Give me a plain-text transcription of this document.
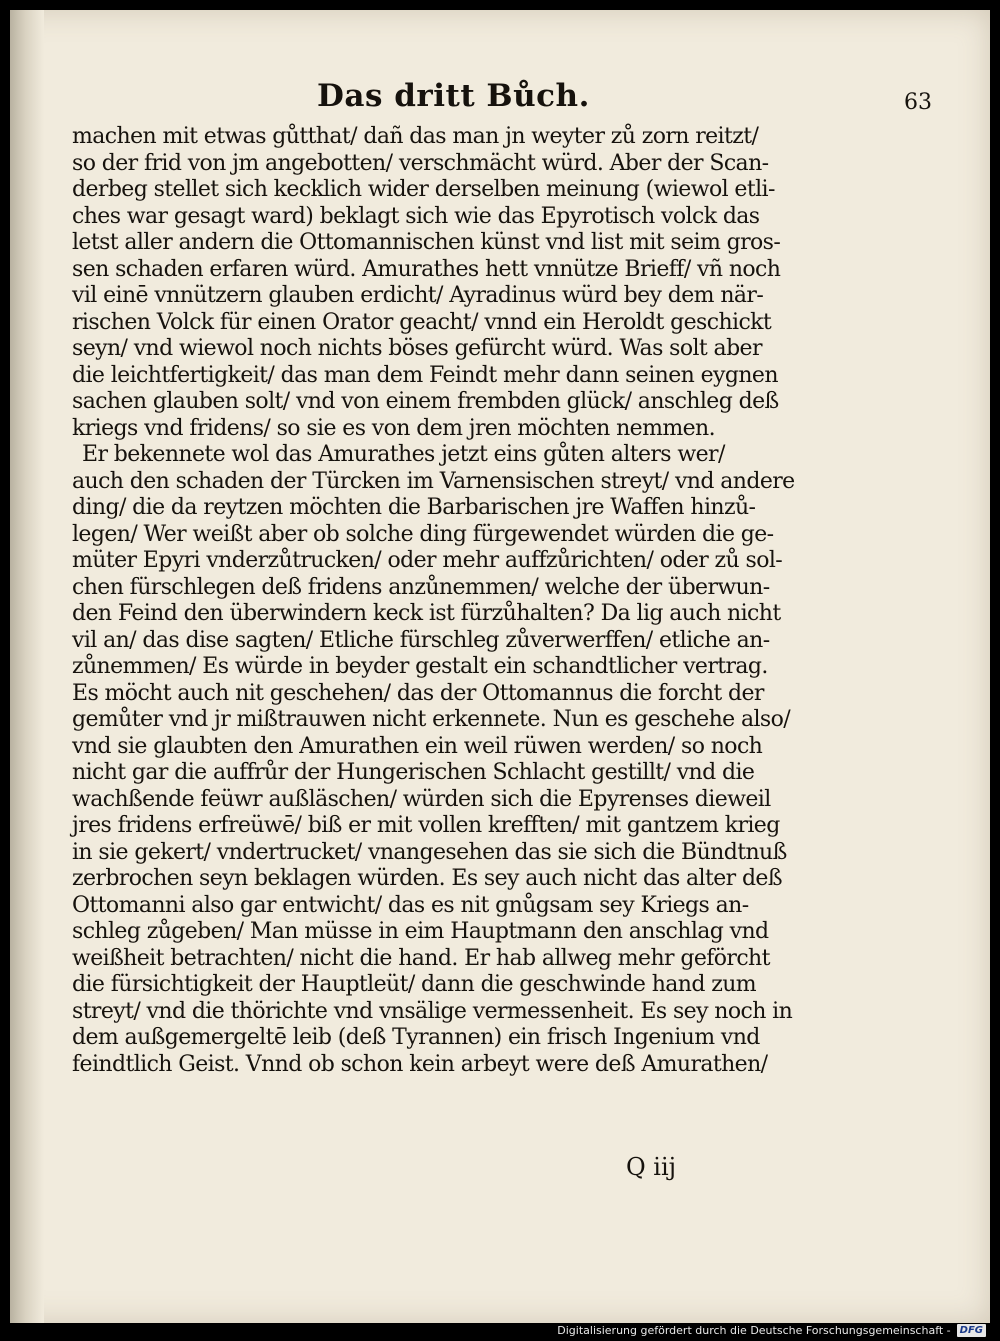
Das dritt Bůch.	63
machen mit etwas gůtthat/ dañ das man jn weyter zů zorn reitzt/
so der frid von jm angebotten/ verschmächt würd. Aber der Scan-
derbeg stellet sich kecklich wider derselben meinung (wiewol etli-
ches war gesagt ward) beklagt sich wie das Epyrotisch volck das
letst aller andern die Ottomannischen künst vnd list mit seim gros-
sen schaden erfaren würd. Amurathes hett vnnütze Brieff/ vñ noch
vil einē vnnützern glauben erdicht/ Ayradinus würd bey dem när-
rischen Volck für einen Orator geacht/ vnnd ein Heroldt geschickt
seyn/ vnd wiewol noch nichts böses gefürcht würd. Was solt aber
die leichtfertigkeit/ das man dem Feindt mehr dann seinen eygnen
sachen glauben solt/ vnd von einem frembden glück/ anschleg deß
kriegs vnd fridens/ so sie es von dem jren möchten nemmen.
Er bekennete wol das Amurathes jetzt eins gůten alters wer/
auch den schaden der Türcken im Varnensischen streyt/ vnd andere
ding/ die da reytzen möchten die Barbarischen jre Waffen hinzů-
legen/ Wer weißt aber ob solche ding fürgewendet würden die ge-
müter Epyri vnderzůtrucken/ oder mehr auffzůrichten/ oder zů sol-
chen fürschlegen deß fridens anzůnemmen/ welche der überwun-
den Feind den überwindern keck ist fürzůhalten? Da lig auch nicht
vil an/ das dise sagten/ Etliche fürschleg zůverwerffen/ etliche an-
zůnemmen/ Es würde in beyder gestalt ein schandtlicher vertrag.
Es möcht auch nit geschehen/ das der Ottomannus die forcht der
gemůter vnd jr mißtrauwen nicht erkennete. Nun es geschehe also/
vnd sie glaubten den Amurathen ein weil rüwen werden/ so noch
nicht gar die auffrůr der Hungerischen Schlacht gestillt/ vnd die
wachßende feüwr außläschen/ würden sich die Epyrenses dieweil
jres fridens erfreüwē/ biß er mit vollen krefften/ mit gantzem krieg
in sie gekert/ vndertrucket/ vnangesehen das sie sich die Bündtnuß
zerbrochen seyn beklagen würden. Es sey auch nicht das alter deß
Ottomanni also gar entwicht/ das es nit gnůgsam sey Kriegs an-
schleg zůgeben/ Man müsse in eim Hauptmann den anschlag vnd
weißheit betrachten/ nicht die hand. Er hab allweg mehr geförcht
die fürsichtigkeit der Hauptleüt/ dann die geschwinde hand zum
streyt/ vnd die thörichte vnd vnsälige vermessenheit. Es sey noch in
dem außgemergeltē leib (deß Tyrannen) ein frisch Ingenium vnd
feindtlich Geist. Vnnd ob schon kein arbeyt were deß Amurathen/
Q iij
Digitalisierung gefördert durch die Deutsche Forschungsgemeinschaft - DFG
